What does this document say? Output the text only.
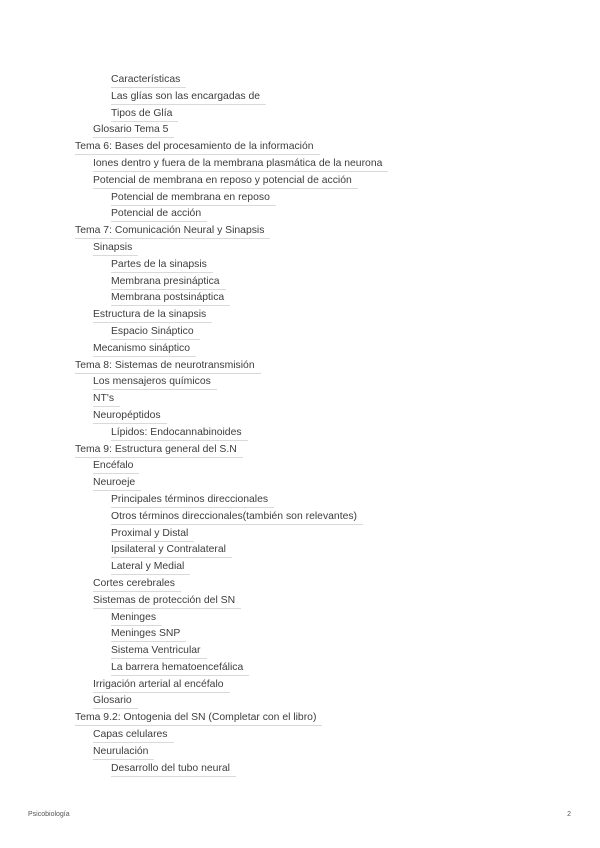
Características
Las glías son las encargadas de
Tipos de Glía
Glosario Tema 5
Tema 6: Bases del procesamiento de la información
Iones dentro y fuera de la membrana plasmática de la neurona
Potencial de membrana en reposo y potencial de acción
Potencial de membrana en reposo
Potencial de acción
Tema 7: Comunicación Neural y Sinapsis
Sinapsis
Partes de la sinapsis
Membrana presináptica
Membrana postsináptica
Estructura de la sinapsis
Espacio Sináptico
Mecanismo sináptico
Tema 8: Sistemas de neurotransmisión
Los mensajeros químicos
NT's
Neuropéptidos
Lípidos: Endocannabinoides
Tema 9: Estructura general del S.N
Encéfalo
Neuroeje
Principales términos direccionales
Otros términos direccionales(también son relevantes)
Proximal y Distal
Ipsilateral y Contralateral
Lateral y Medial
Cortes cerebrales
Sistemas de protección del SN
Meninges
Meninges SNP
Sistema Ventricular
La barrera hematoencefálica
Irrigación arterial al encéfalo
Glosario
Tema 9.2: Ontogenia del SN (Completar con el libro)
Capas celulares
Neurulación
Desarrollo del tubo neural
Psicobiología	2
